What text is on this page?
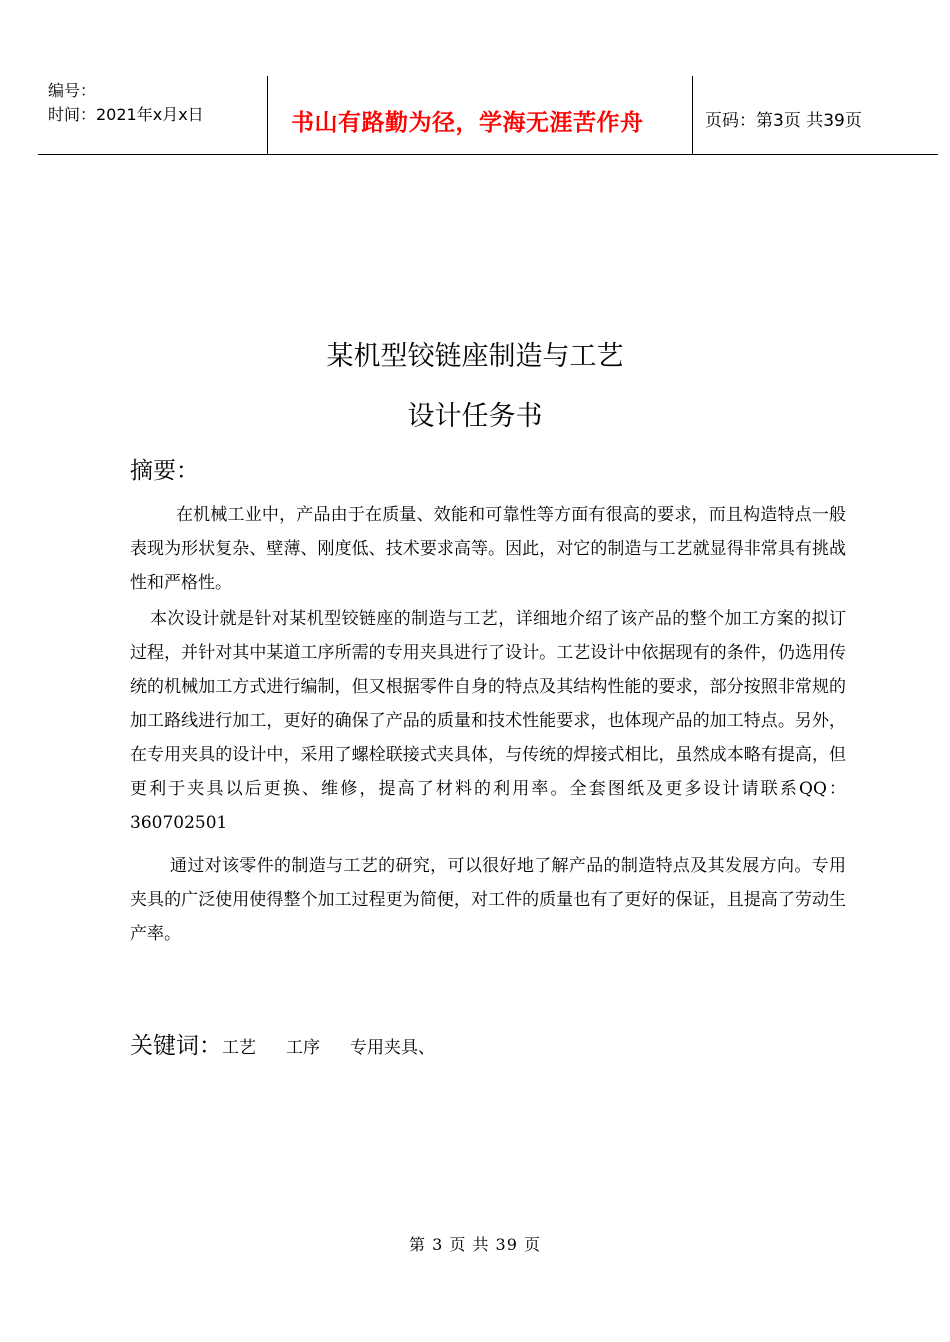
编号：
时间：2021年x月x日	书山有路勤为径，学海无涯苦作舟	页码：第3页 共39页
某机型铰链座制造与工艺
设计任务书
摘要：

在机械工业中，产品由于在质量、效能和可靠性等方面有很高的要求，而且构造特点一般表现为形状复杂、壁薄、刚度低、技术要求高等。因此，对它的制造与工艺就显得非常具有挑战性和严格性。

本次设计就是针对某机型铰链座的制造与工艺，详细地介绍了该产品的整个加工方案的拟订过程，并针对其中某道工序所需的专用夹具进行了设计。工艺设计中依据现有的条件，仍选用传统的机械加工方式进行编制，但又根据零件自身的特点及其结构性能的要求，部分按照非常规的加工路线进行加工，更好的确保了产品的质量和技术性能要求，也体现产品的加工特点。另外，在专用夹具的设计中，采用了螺栓联接式夹具体，与传统的焊接式相比，虽然成本略有提高，但更利于夹具以后更换、维修，提高了材料的利用率。全套图纸及更多设计请联系QQ：360702501

通过对该零件的制造与工艺的研究，可以很好地了解产品的制造特点及其发展方向。专用夹具的广泛使用使得整个加工过程更为简便，对工件的质量也有了更好的保证，且提高了劳动生产率。

关键词：工艺 工序 专用夹具、
第 3 页 共 39 页
